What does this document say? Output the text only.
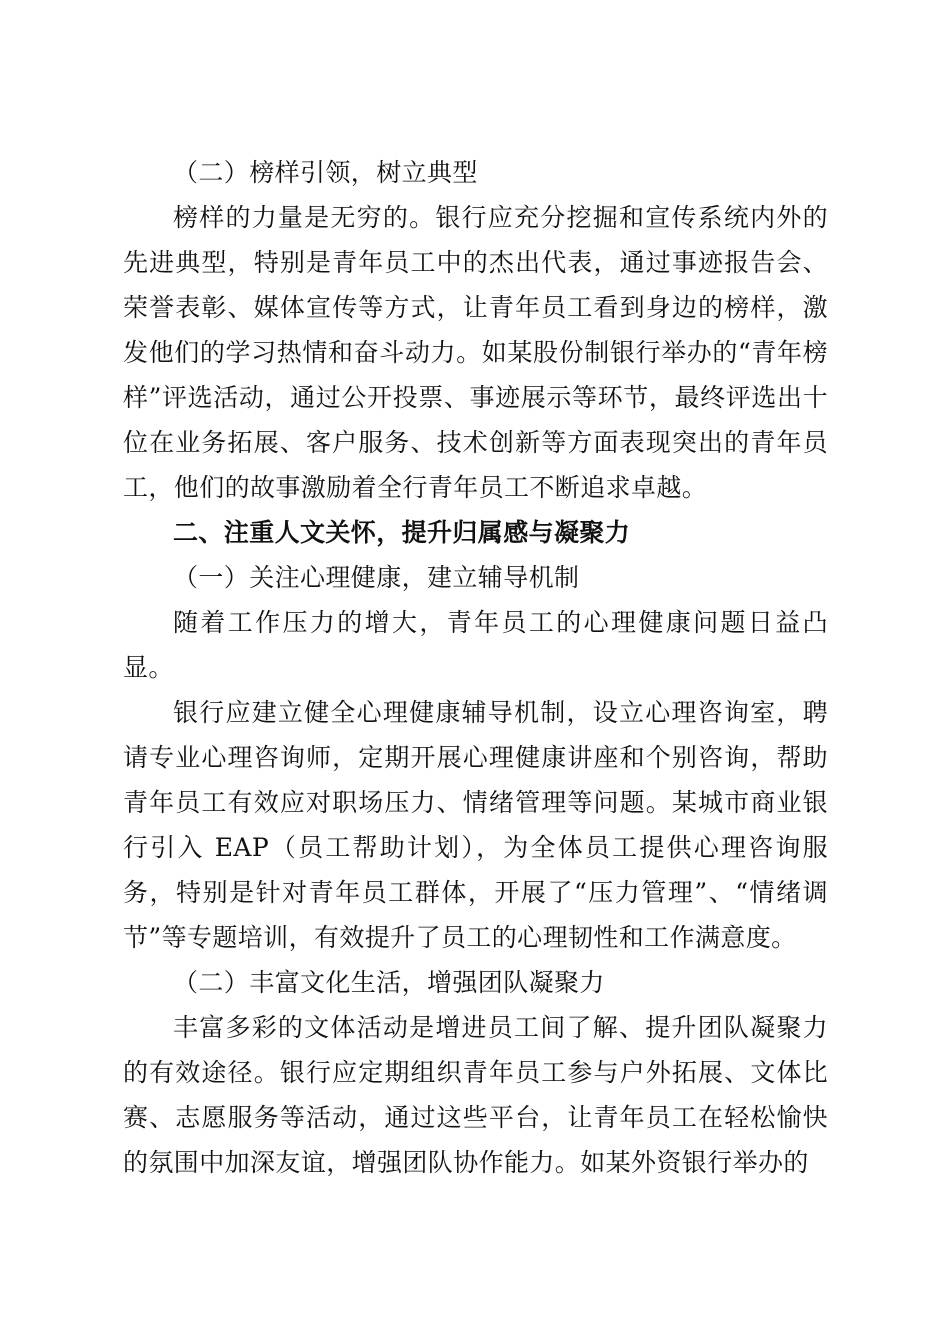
（二）榜样引领，树立典型

榜样的力量是无穷的。银行应充分挖掘和宣传系统内外的先进典型，特别是青年员工中的杰出代表，通过事迹报告会、荣誉表彰、媒体宣传等方式，让青年员工看到身边的榜样，激发他们的学习热情和奋斗动力。如某股份制银行举办的“青年榜样”评选活动，通过公开投票、事迹展示等环节，最终评选出十位在业务拓展、客户服务、技术创新等方面表现突出的青年员工，他们的故事激励着全行青年员工不断追求卓越。

二、注重人文关怀，提升归属感与凝聚力

（一）关注心理健康，建立辅导机制

随着工作压力的增大，青年员工的心理健康问题日益凸显。

银行应建立健全心理健康辅导机制，设立心理咨询室，聘请专业心理咨询师，定期开展心理健康讲座和个别咨询，帮助青年员工有效应对职场压力、情绪管理等问题。某城市商业银行引入 EAP（员工帮助计划），为全体员工提供心理咨询服务，特别是针对青年员工群体，开展了“压力管理”、“情绪调节”等专题培训，有效提升了员工的心理韧性和工作满意度。

（二）丰富文化生活，增强团队凝聚力

丰富多彩的文体活动是增进员工间了解、提升团队凝聚力的有效途径。银行应定期组织青年员工参与户外拓展、文体比赛、志愿服务等活动，通过这些平台，让青年员工在轻松愉快的氛围中加深友谊，增强团队协作能力。如某外资银行举办的
